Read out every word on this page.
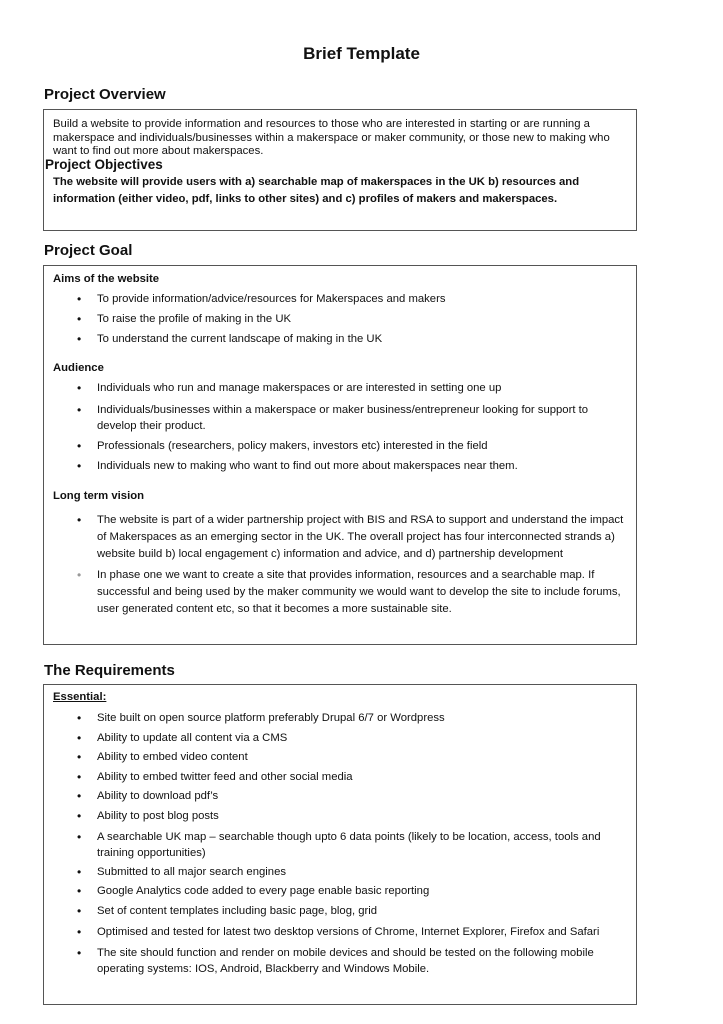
Brief Template
Project Overview

Build a website to provide information and resources to those who are interested in starting or are running a makerspace and individuals/businesses within a makerspace or maker community, or those new to making who want to find out more about makerspaces.

Project Objectives

The website will provide users with a) searchable map of makerspaces in the UK b) resources and information (either video, pdf, links to other sites) and c) profiles of makers and makerspaces.

Project Goal

Aims of the website

• To provide information/advice/resources for Makerspaces and makers
• To raise the profile of making in the UK
• To understand the current landscape of making in the UK

Audience

• Individuals who run and manage makerspaces or are interested in setting one up
• Individuals/businesses within a makerspace or maker business/entrepreneur looking for support to develop their product.
• Professionals (researchers, policy makers, investors etc) interested in the field
• Individuals new to making who want to find out more about makerspaces near them.

Long term vision

• The website is part of a wider partnership project with BIS and RSA to support and understand the impact of Makerspaces as an emerging sector in the UK. The overall project has four interconnected strands a) website build b) local engagement c) information and advice, and d) partnership development
• In phase one we want to create a site that provides information, resources and a searchable map. If successful and being used by the maker community we would want to develop the site to include forums, user generated content etc, so that it becomes a more sustainable site.
The Requirements

Essential:

• Site built on open source platform preferably Drupal 6/7 or Wordpress
• Ability to update all content via a CMS
• Ability to embed video content
• Ability to embed twitter feed and other social media
• Ability to download pdf’s
• Ability to post blog posts
• A searchable UK map – searchable though upto 6 data points (likely to be location, access, tools and training opportunities)
• Submitted to all major search engines
• Google Analytics code added to every page enable basic reporting
• Set of content templates including basic page, blog, grid
• Optimised and tested for latest two desktop versions of Chrome, Internet Explorer, Firefox and Safari
• The site should function and render on mobile devices and should be tested on the following mobile operating systems: IOS, Android, Blackberry and Windows Mobile.
